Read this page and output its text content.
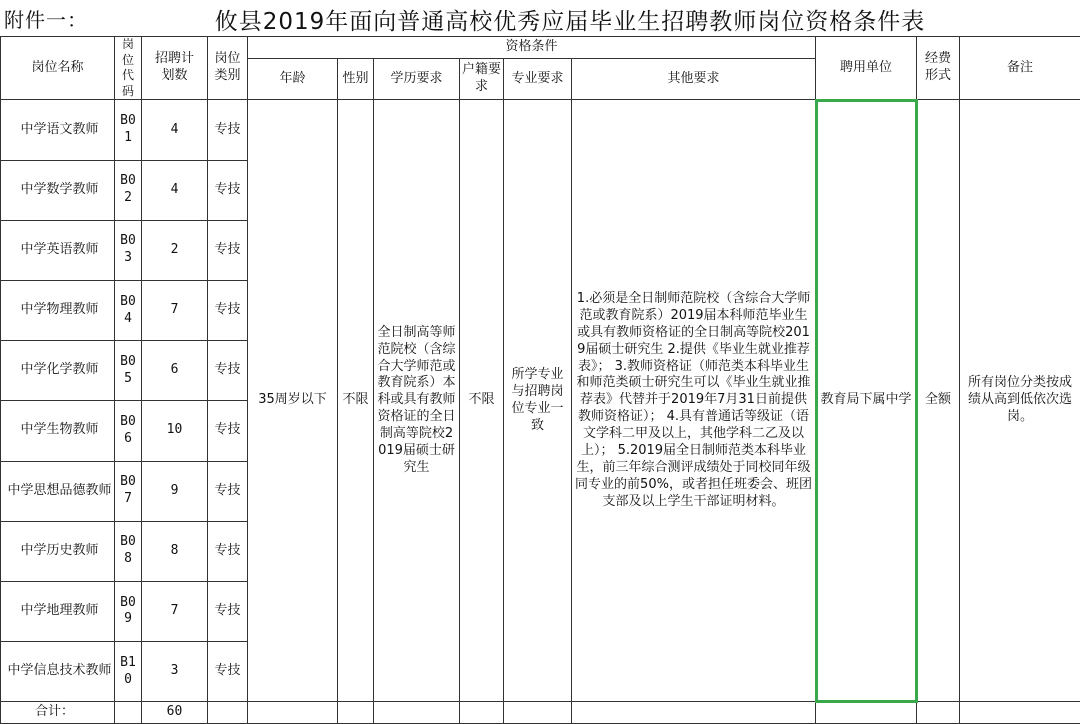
附件一：	攸县2019年面向普通高校优秀应届毕业生招聘教师岗位资格条件表
岗位名称	岗位代码	招聘计划数	岗位类别	资格条件						聘用单位	经费形式	备注
				年龄	性别	学历要求	户籍要求	专业要求	其他要求			
中学语文教师	B01	4	专技	35周岁以下	不限	全日制高等师范院校（含综合大学师范或教育院系）本科或具有教师资格证的全日制高等院校2019届硕士研究生	不限	所学专业与招聘岗位专业一致	1.必须是全日制师范院校（含综合大学师范或教育院系）2019届本科师范毕业生或具有教师资格证的全日制高等院校2019届硕士研究生 2.提供《毕业生就业推荐表》； 3.教师资格证（师范类本科毕业生和师范类硕士研究生可以《毕业生就业推荐表》代替并于2019年7月31日前提供教师资格证）； 4.具有普通话等级证（语文学科二甲及以上，其他学科二乙及以上）； 5.2019届全日制师范类本科毕业生，前三年综合测评成绩处于同校同年级同专业的前50%，或者担任班委会、班团支部及以上学生干部证明材料。	教育局下属中学	全额	所有岗位分类按成绩从高到低依次选岗。
中学数学教师	B02	4	专技									
中学英语教师	B03	2	专技									
中学物理教师	B04	7	专技									
中学化学教师	B05	6	专技									
中学生物教师	B06	10	专技									
中学思想品德教师	B07	9	专技									
中学历史教师	B08	8	专技									
中学地理教师	B09	7	专技									
中学信息技术教师	B10	3	专技									
合计：		60										
